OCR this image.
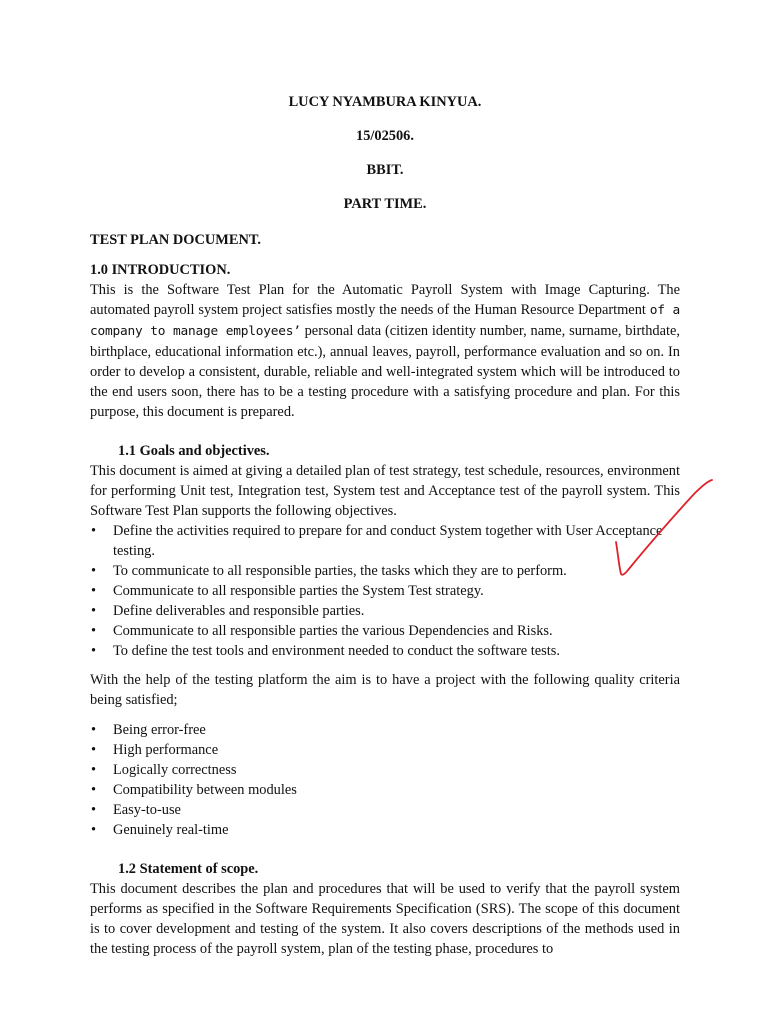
LUCY NYAMBURA KINYUA.
15/02506.
BBIT.
PART TIME.
TEST PLAN DOCUMENT.
1.0 INTRODUCTION.

This is the Software Test Plan for the Automatic Payroll System with Image Capturing. The automated payroll system project satisfies mostly the needs of the Human Resource Department of a company to manage employees’ personal data (citizen identity number, name, surname, birthdate, birthplace, educational information etc.), annual leaves, payroll, performance evaluation and so on. In order to develop a consistent, durable, reliable and well-integrated system which will be introduced to the end users soon, there has to be a testing procedure with a satisfying procedure and plan. For this purpose, this document is prepared.

1.1 Goals and objectives.

This document is aimed at giving a detailed plan of test strategy, test schedule, resources, environment for performing Unit test, Integration test, System test and Acceptance test of the payroll system. This Software Test Plan supports the following objectives.

• Define the activities required to prepare for and conduct System together with User Acceptance testing.
• To communicate to all responsible parties, the tasks which they are to perform.
• Communicate to all responsible parties the System Test strategy.
• Define deliverables and responsible parties.
• Communicate to all responsible parties the various Dependencies and Risks.
• To define the test tools and environment needed to conduct the software tests.

With the help of the testing platform the aim is to have a project with the following quality criteria being satisfied;

• Being error-free
• High performance
• Logically correctness
• Compatibility between modules
• Easy-to-use
• Genuinely real-time
1.2 Statement of scope.

This document describes the plan and procedures that will be used to verify that the payroll system performs as specified in the Software Requirements Specification (SRS). The scope of this document is to cover development and testing of the system. It also covers descriptions of the methods used in the testing process of the payroll system, plan of the testing phase, procedures to
